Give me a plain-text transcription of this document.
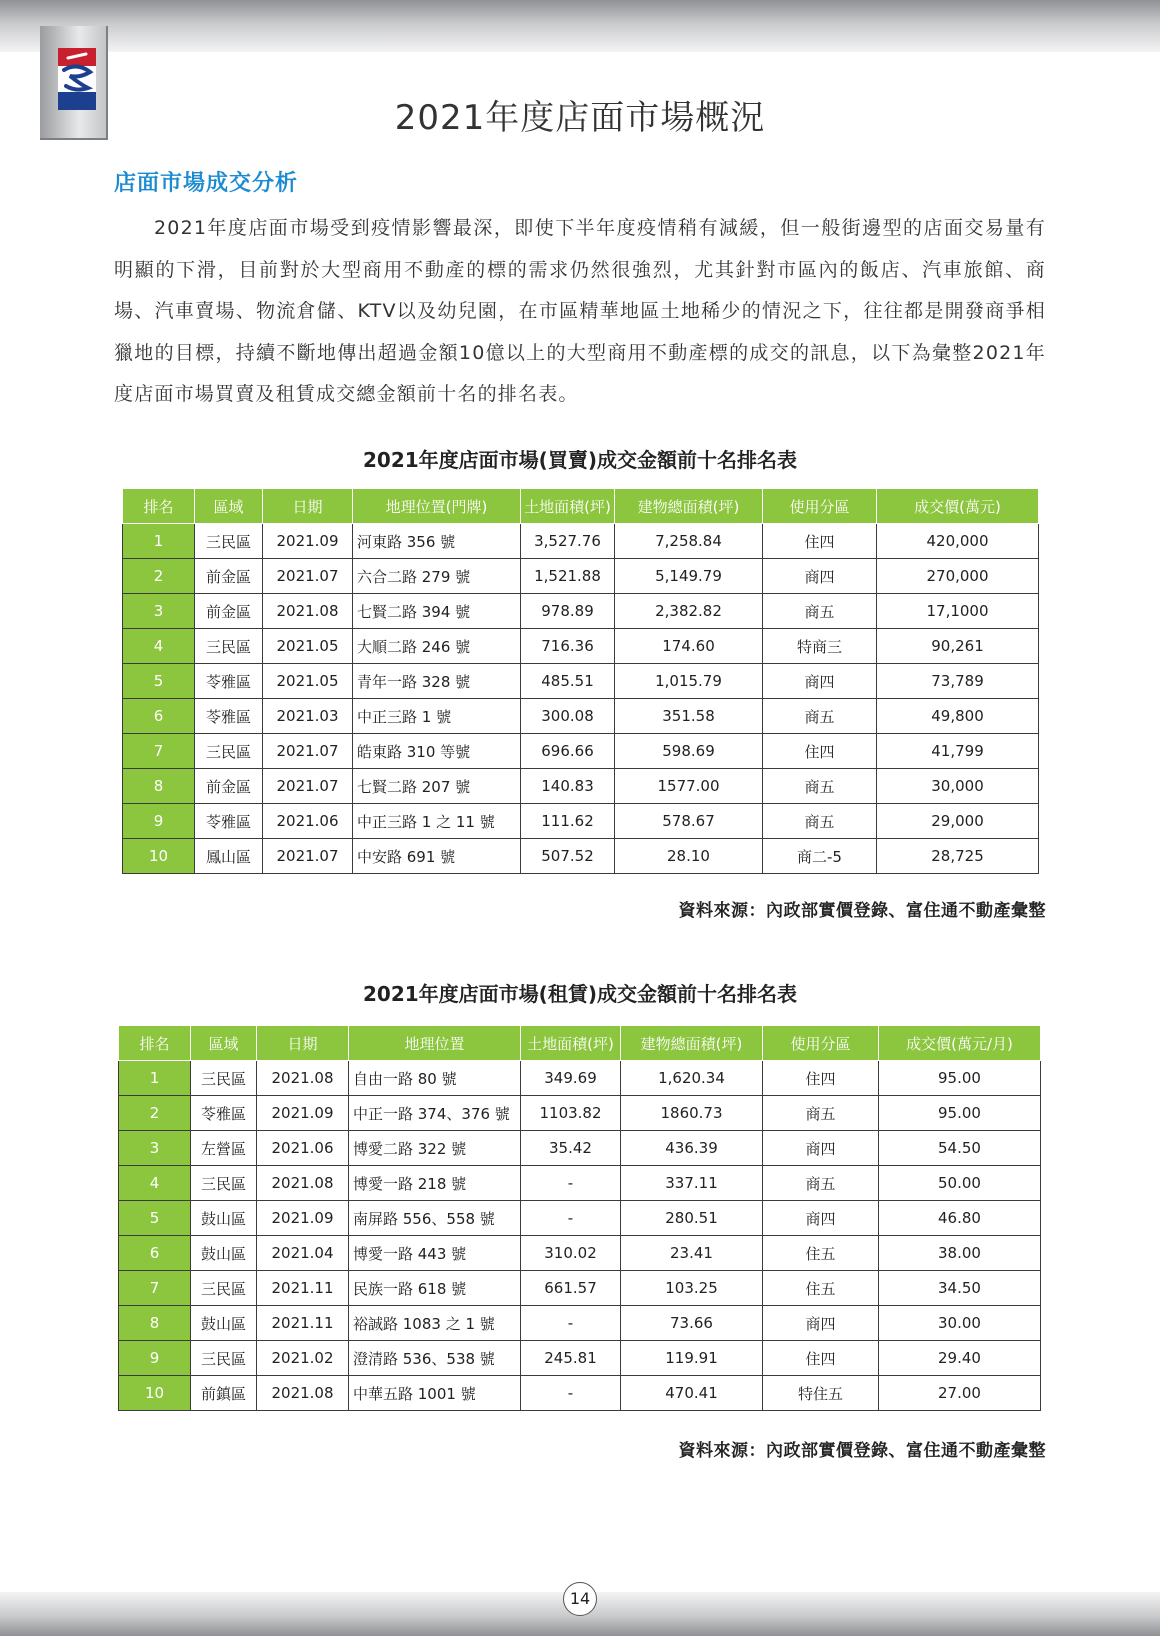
2021年度店面市場概況
店面市場成交分析

2021年度店面市場受到疫情影響最深，即使下半年度疫情稍有減緩，但一般街邊型的店面交易量有明顯的下滑，目前對於大型商用不動產的標的需求仍然很強烈，尤其針對市區內的飯店、汽車旅館、商場、汽車賣場、物流倉儲、KTV以及幼兒園，在市區精華地區土地稀少的情況之下，往往都是開發商爭相獵地的目標，持續不斷地傳出超過金額10億以上的大型商用不動產標的成交的訊息，以下為彙整2021年度店面市場買賣及租賃成交總金額前十名的排名表。

2021年度店面市場(買賣)成交金額前十名排名表
排名	區域	日期	地理位置(門牌)	土地面積(坪)	建物總面積(坪)	使用分區	成交價(萬元)
1	三民區	2021.09	河東路 356 號	3,527.76	7,258.84	住四	420,000
2	前金區	2021.07	六合二路 279 號	1,521.88	5,149.79	商四	270,000
3	前金區	2021.08	七賢二路 394 號	978.89	2,382.82	商五	17,1000
4	三民區	2021.05	大順二路 246 號	716.36	174.60	特商三	90,261
5	苓雅區	2021.05	青年一路 328 號	485.51	1,015.79	商四	73,789
6	苓雅區	2021.03	中正三路 1 號	300.08	351.58	商五	49,800
7	三民區	2021.07	皓東路 310 等號	696.66	598.69	住四	41,799
8	前金區	2021.07	七賢二路 207 號	140.83	1577.00	商五	30,000
9	苓雅區	2021.06	中正三路 1 之 11 號	111.62	578.67	商五	29,000
10	鳳山區	2021.07	中安路 691 號	507.52	28.10	商二-5	28,725
資料來源：內政部實價登錄、富住通不動產彙整
2021年度店面市場(租賃)成交金額前十名排名表
排名	區域	日期	地理位置	土地面積(坪)	建物總面積(坪)	使用分區	成交價(萬元/月)
1	三民區	2021.08	自由一路 80 號	349.69	1,620.34	住四	95.00
2	苓雅區	2021.09	中正一路 374、376 號	1103.82	1860.73	商五	95.00
3	左營區	2021.06	博愛二路 322 號	35.42	436.39	商四	54.50
4	三民區	2021.08	博愛一路 218 號	-	337.11	商五	50.00
5	鼓山區	2021.09	南屏路 556、558 號	-	280.51	商四	46.80
6	鼓山區	2021.04	博愛一路 443 號	310.02	23.41	住五	38.00
7	三民區	2021.11	民族一路 618 號	661.57	103.25	住五	34.50
8	鼓山區	2021.11	裕誠路 1083 之 1 號	-	73.66	商四	30.00
9	三民區	2021.02	澄清路 536、538 號	245.81	119.91	住四	29.40
10	前鎮區	2021.08	中華五路 1001 號	-	470.41	特住五	27.00
資料來源：內政部實價登錄、富住通不動產彙整
14
